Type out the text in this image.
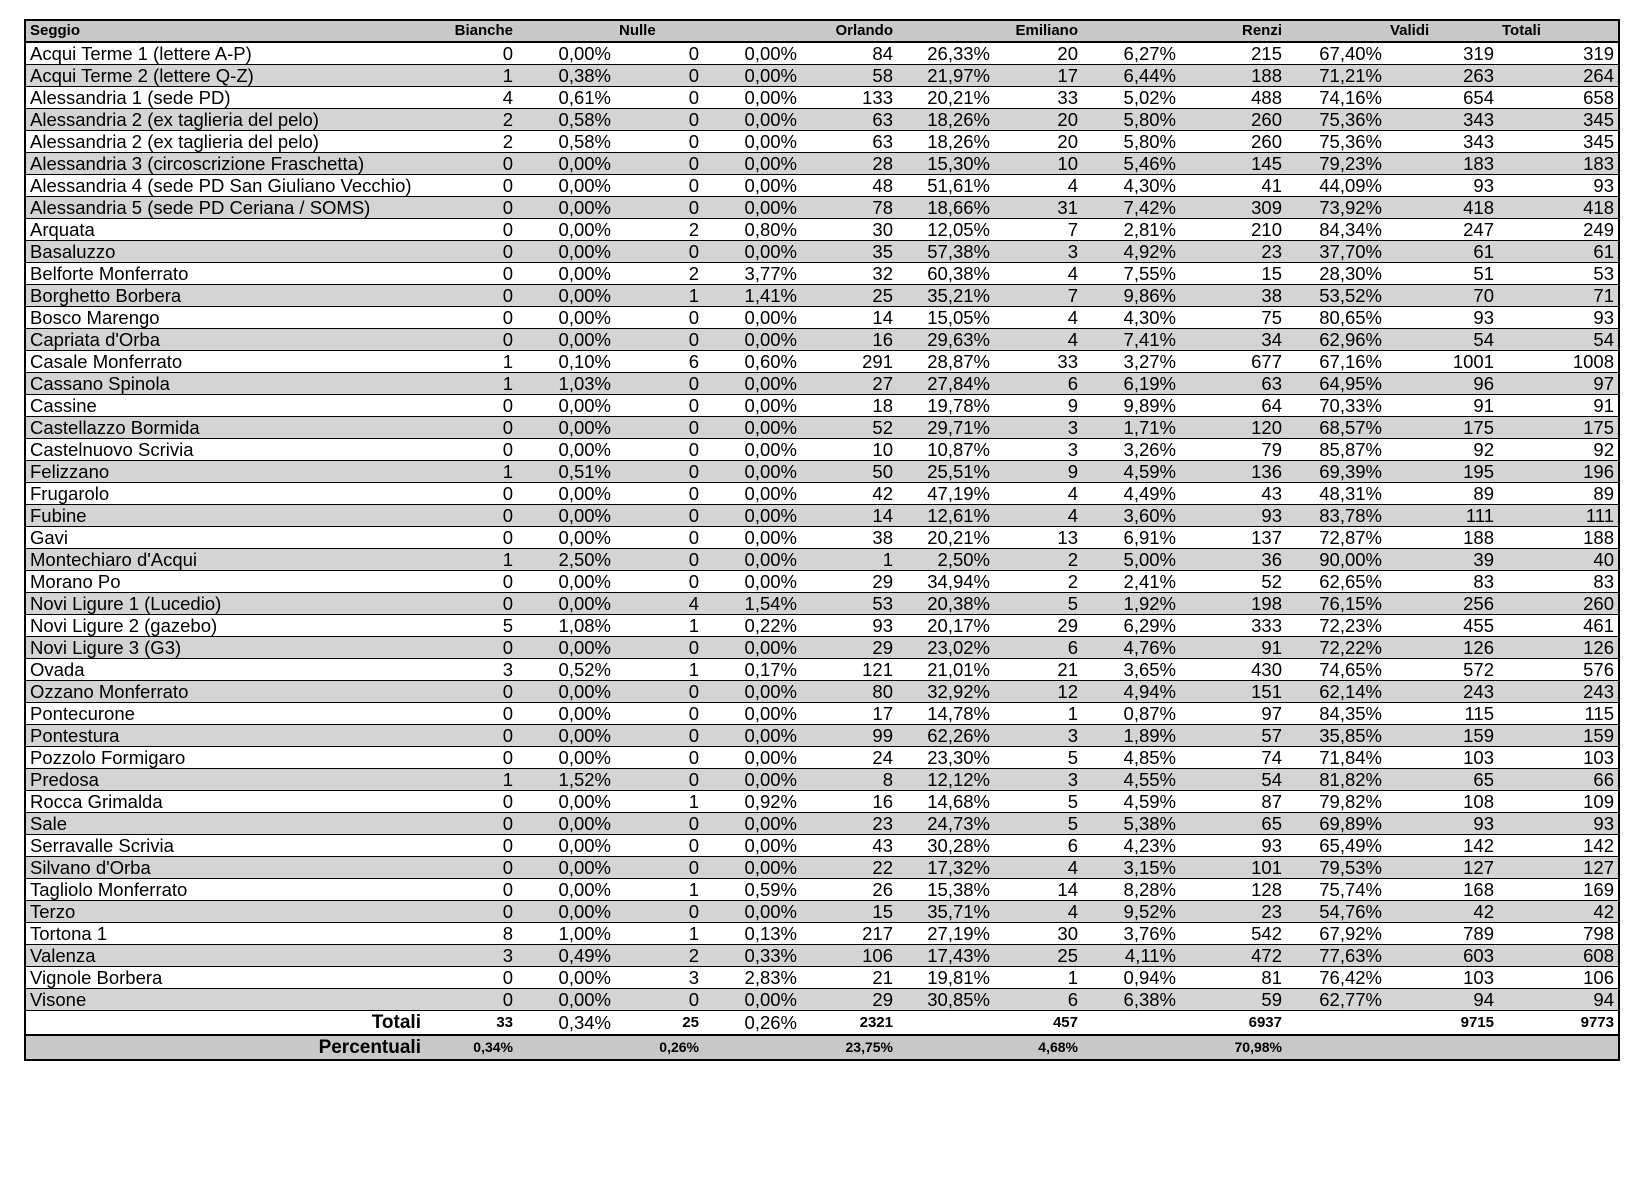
Seggio	Bianche		Nulle		Orlando		Emiliano		Renzi		Validi	Totali
Acqui Terme 1 (lettere A-P)	0	0,00%	0	0,00%	84	26,33%	20	6,27%	215	67,40%	319	319
Acqui Terme 2 (lettere Q-Z)	1	0,38%	0	0,00%	58	21,97%	17	6,44%	188	71,21%	263	264
Alessandria 1 (sede PD)	4	0,61%	0	0,00%	133	20,21%	33	5,02%	488	74,16%	654	658
Alessandria 2 (ex taglieria del pelo)	2	0,58%	0	0,00%	63	18,26%	20	5,80%	260	75,36%	343	345
Alessandria 2 (ex taglieria del pelo)	2	0,58%	0	0,00%	63	18,26%	20	5,80%	260	75,36%	343	345
Alessandria 3 (circoscrizione Fraschetta)	0	0,00%	0	0,00%	28	15,30%	10	5,46%	145	79,23%	183	183
Alessandria 4 (sede PD San Giuliano Vecchio)	0	0,00%	0	0,00%	48	51,61%	4	4,30%	41	44,09%	93	93
Alessandria 5 (sede PD Ceriana / SOMS)	0	0,00%	0	0,00%	78	18,66%	31	7,42%	309	73,92%	418	418
Arquata	0	0,00%	2	0,80%	30	12,05%	7	2,81%	210	84,34%	247	249
Basaluzzo	0	0,00%	0	0,00%	35	57,38%	3	4,92%	23	37,70%	61	61
Belforte Monferrato	0	0,00%	2	3,77%	32	60,38%	4	7,55%	15	28,30%	51	53
Borghetto Borbera	0	0,00%	1	1,41%	25	35,21%	7	9,86%	38	53,52%	70	71
Bosco Marengo	0	0,00%	0	0,00%	14	15,05%	4	4,30%	75	80,65%	93	93
Capriata d'Orba	0	0,00%	0	0,00%	16	29,63%	4	7,41%	34	62,96%	54	54
Casale Monferrato	1	0,10%	6	0,60%	291	28,87%	33	3,27%	677	67,16%	1001	1008
Cassano Spinola	1	1,03%	0	0,00%	27	27,84%	6	6,19%	63	64,95%	96	97
Cassine	0	0,00%	0	0,00%	18	19,78%	9	9,89%	64	70,33%	91	91
Castellazzo Bormida	0	0,00%	0	0,00%	52	29,71%	3	1,71%	120	68,57%	175	175
Castelnuovo Scrivia	0	0,00%	0	0,00%	10	10,87%	3	3,26%	79	85,87%	92	92
Felizzano	1	0,51%	0	0,00%	50	25,51%	9	4,59%	136	69,39%	195	196
Frugarolo	0	0,00%	0	0,00%	42	47,19%	4	4,49%	43	48,31%	89	89
Fubine	0	0,00%	0	0,00%	14	12,61%	4	3,60%	93	83,78%	111	111
Gavi	0	0,00%	0	0,00%	38	20,21%	13	6,91%	137	72,87%	188	188
Montechiaro d'Acqui	1	2,50%	0	0,00%	1	2,50%	2	5,00%	36	90,00%	39	40
Morano Po	0	0,00%	0	0,00%	29	34,94%	2	2,41%	52	62,65%	83	83
Novi Ligure 1 (Lucedio)	0	0,00%	4	1,54%	53	20,38%	5	1,92%	198	76,15%	256	260
Novi Ligure 2 (gazebo)	5	1,08%	1	0,22%	93	20,17%	29	6,29%	333	72,23%	455	461
Novi Ligure 3 (G3)	0	0,00%	0	0,00%	29	23,02%	6	4,76%	91	72,22%	126	126
Ovada	3	0,52%	1	0,17%	121	21,01%	21	3,65%	430	74,65%	572	576
Ozzano Monferrato	0	0,00%	0	0,00%	80	32,92%	12	4,94%	151	62,14%	243	243
Pontecurone	0	0,00%	0	0,00%	17	14,78%	1	0,87%	97	84,35%	115	115
Pontestura	0	0,00%	0	0,00%	99	62,26%	3	1,89%	57	35,85%	159	159
Pozzolo Formigaro	0	0,00%	0	0,00%	24	23,30%	5	4,85%	74	71,84%	103	103
Predosa	1	1,52%	0	0,00%	8	12,12%	3	4,55%	54	81,82%	65	66
Rocca Grimalda	0	0,00%	1	0,92%	16	14,68%	5	4,59%	87	79,82%	108	109
Sale	0	0,00%	0	0,00%	23	24,73%	5	5,38%	65	69,89%	93	93
Serravalle Scrivia	0	0,00%	0	0,00%	43	30,28%	6	4,23%	93	65,49%	142	142
Silvano d'Orba	0	0,00%	0	0,00%	22	17,32%	4	3,15%	101	79,53%	127	127
Tagliolo Monferrato	0	0,00%	1	0,59%	26	15,38%	14	8,28%	128	75,74%	168	169
Terzo	0	0,00%	0	0,00%	15	35,71%	4	9,52%	23	54,76%	42	42
Tortona 1	8	1,00%	1	0,13%	217	27,19%	30	3,76%	542	67,92%	789	798
Valenza	3	0,49%	2	0,33%	106	17,43%	25	4,11%	472	77,63%	603	608
Vignole Borbera	0	0,00%	3	2,83%	21	19,81%	1	0,94%	81	76,42%	103	106
Visone	0	0,00%	0	0,00%	29	30,85%	6	6,38%	59	62,77%	94	94
Totali	33	0,34%	25	0,26%	2321		457		6937		9715	9773
Percentuali	0,34%		0,26%		23,75%		4,68%		70,98%			
